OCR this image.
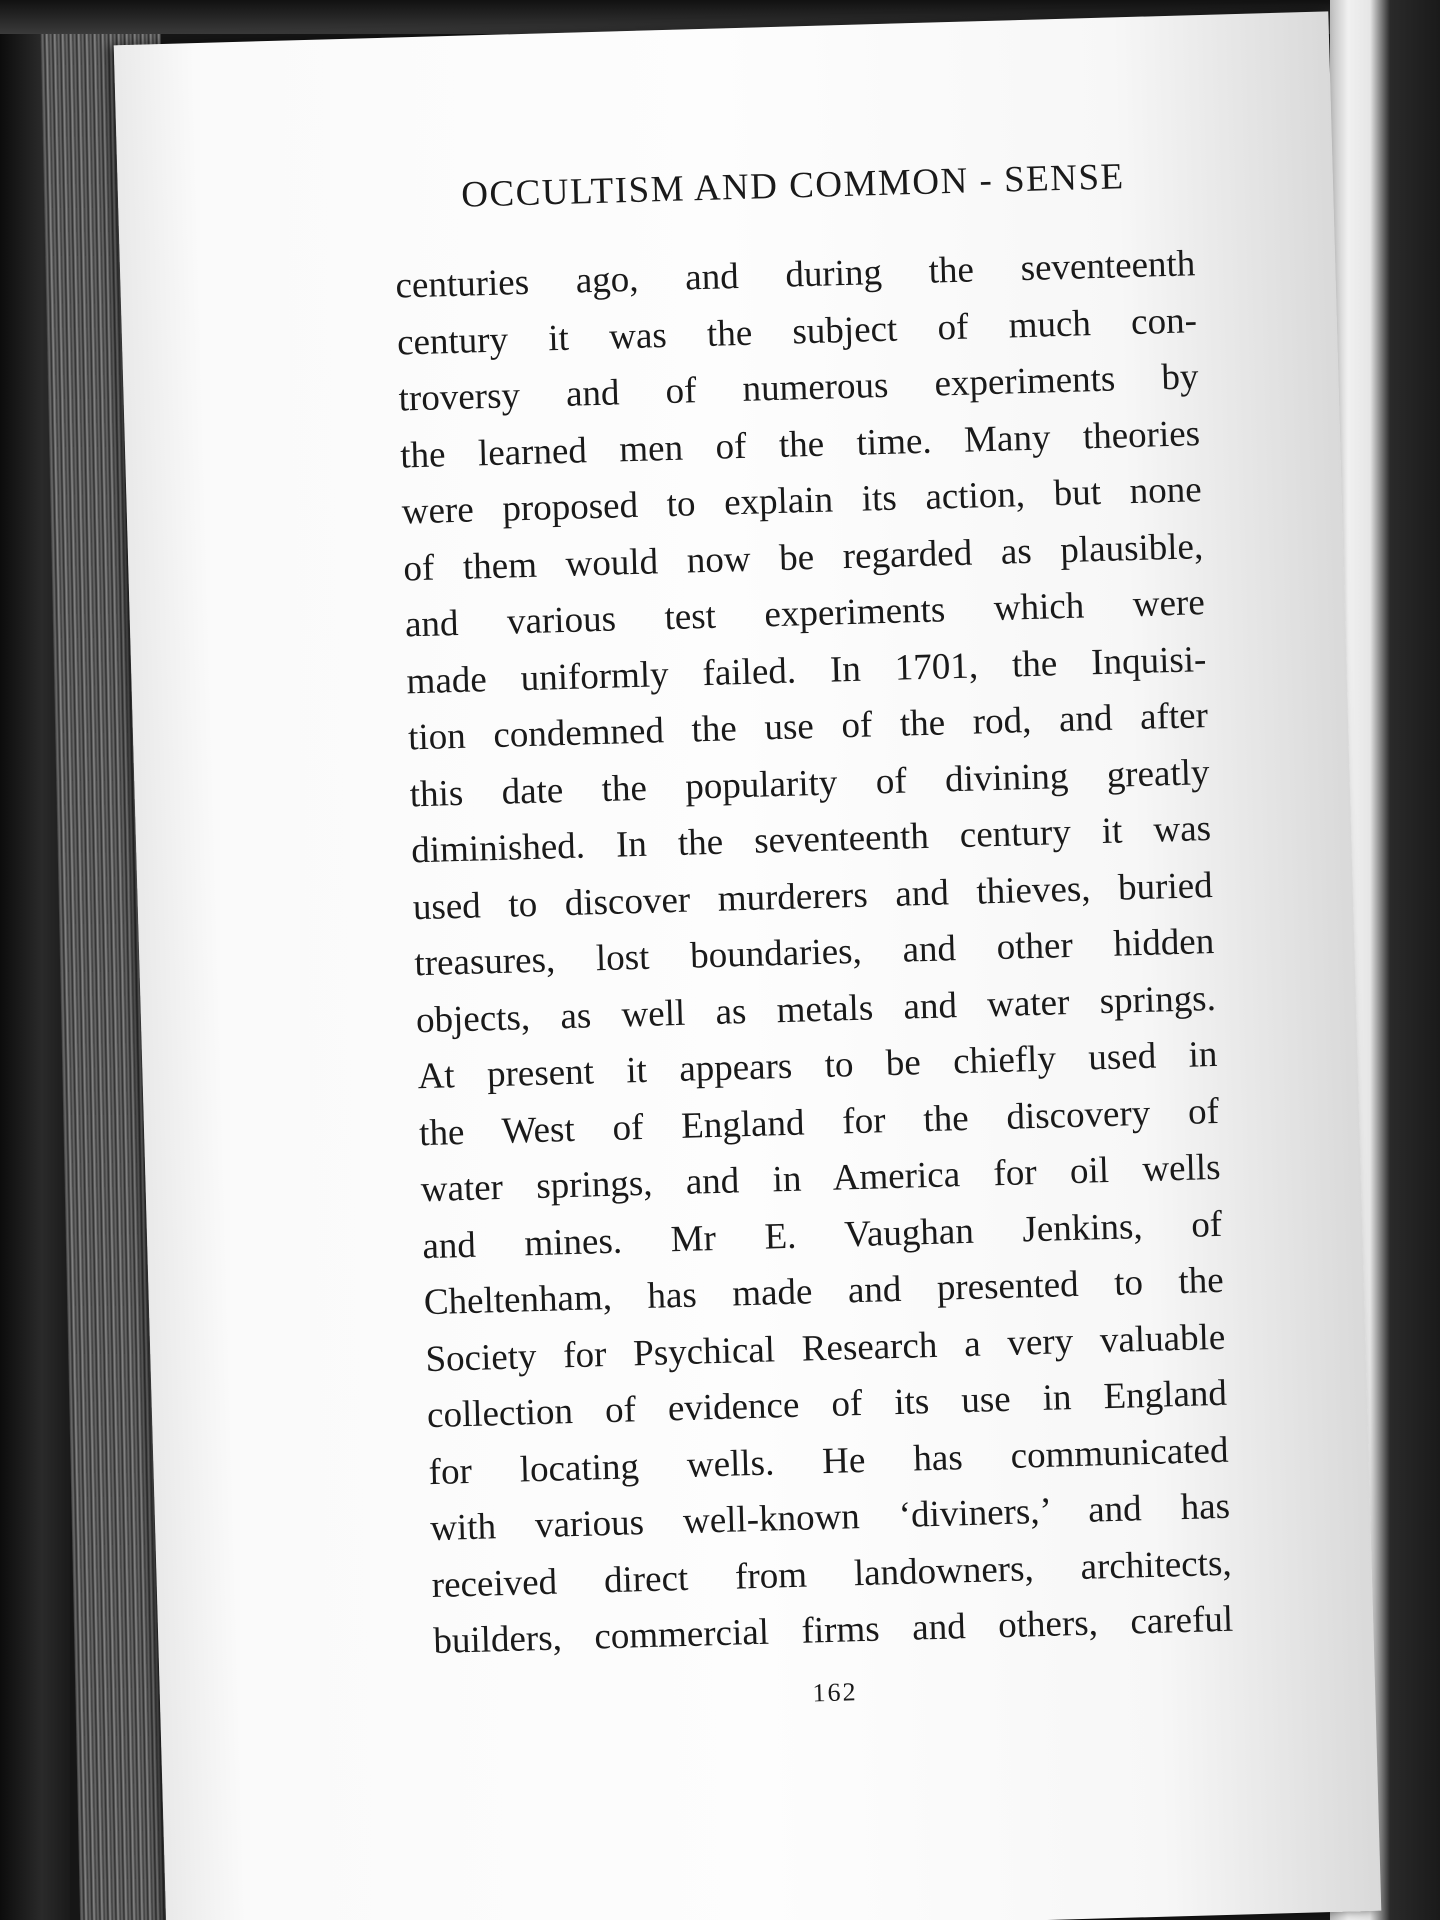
OCCULTISM AND COMMON - SENSE
centuries ago, and during the seventeenth
century it was the subject of much con-
troversy and of numerous experiments by
the learned men of the time. Many theories
were proposed to explain its action, but none
of them would now be regarded as plausible,
and various test experiments which were
made uniformly failed. In 1701, the Inquisi-
tion condemned the use of the rod, and after
this date the popularity of divining greatly
diminished. In the seventeenth century it was
used to discover murderers and thieves, buried
treasures, lost boundaries, and other hidden
objects, as well as metals and water springs.
At present it appears to be chiefly used in
the West of England for the discovery of
water springs, and in America for oil wells
and mines. Mr E. Vaughan Jenkins, of
Cheltenham, has made and presented to the
Society for Psychical Research a very valuable
collection of evidence of its use in England
for locating wells. He has communicated
with various well-known ‘diviners,’ and has
received direct from landowners, architects,
builders, commercial firms and others, careful
162
